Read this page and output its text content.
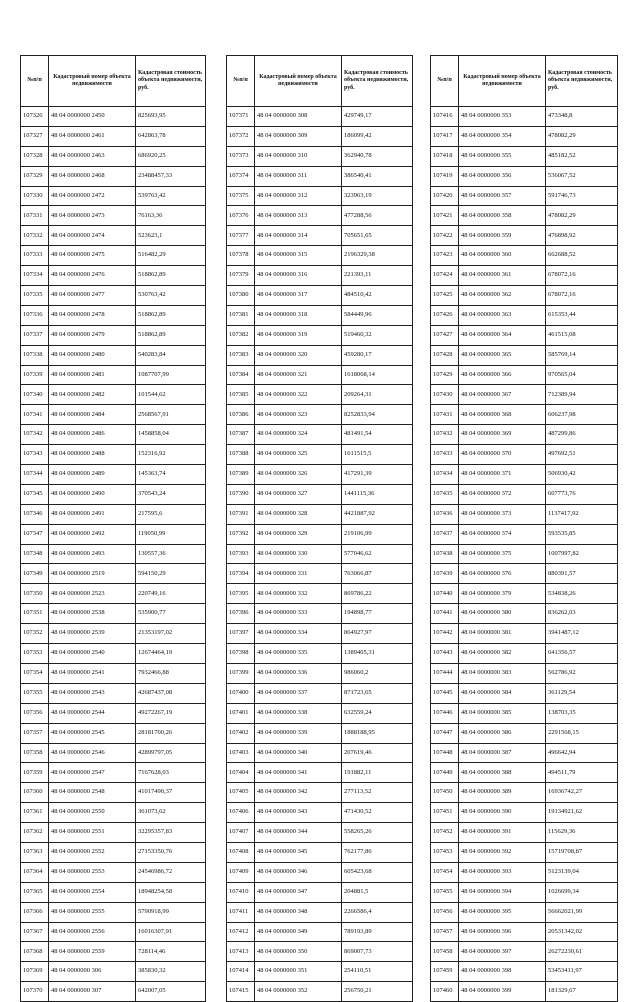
№п/п	Кадастровый номер объекта недвижимости	Кадастровая стоимость объекта недвижимости, руб.
107326	48 04 0000000 2450	825693,95
107327	48 04 0000000 2461	642863,78
107328	48 04 0000000 2463	686920,25
107329	48 04 0000000 2468	23488457,33
107330	48 04 0000000 2472	539763,42
107331	48 04 0000000 2473	76163,36
107332	48 04 0000000 2474	523623,1
107333	48 04 0000000 2475	516482,29
107334	48 04 0000000 2476	518862,89
107335	48 04 0000000 2477	530763,42
107336	48 04 0000000 2478	518862,89
107337	48 04 0000000 2479	518862,89
107338	48 04 0000000 2480	540283,84
107339	48 04 0000000 2481	1087707,99
107340	48 04 0000000 2482	101544,62
107341	48 04 0000000 2484	2568567,91
107342	48 04 0000000 2486	1458858,04
107343	48 04 0000000 2488	152316,92
107344	48 04 0000000 2489	145363,74
107345	48 04 0000000 2490	370543,24
107346	48 04 0000000 2491	217595,6
107347	48 04 0000000 2492	119050,99
107348	48 04 0000000 2493	130557,36
107349	48 04 0000000 2519	594150,29
107350	48 04 0000000 2523	220749,16
107351	48 04 0000000 2538	535900,77
107352	48 04 0000000 2539	21353197,02
107353	48 04 0000000 2540	12674464,19
107354	48 04 0000000 2541	7932466,88
107355	48 04 0000000 2543	42687437,08
107356	48 04 0000000 2544	49272267,19
107357	48 04 0000000 2545	28181700,26
107358	48 04 0000000 2546	42899797,05
107359	48 04 0000000 2547	7167628,03
107360	48 04 0000000 2548	41017490,37
107361	48 04 0000000 2550	361073,62
107362	48 04 0000000 2551	32295357,83
107363	48 04 0000000 2552	27153350,76
107364	48 04 0000000 2553	24546986,72
107365	48 04 0000000 2554	18948254,58
107366	48 04 0000000 2555	5790918,99
107367	48 04 0000000 2556	16016307,91
107368	48 04 0000000 2559	728114,46
107369	48 04 0000000 306	385830,32
107370	48 04 0000000 307	642007,05
№п/п	Кадастровый номер объекта недвижимости	Кадастровая стоимость объекта недвижимости, руб.
107371	48 04 0000000 308	429749,17
107372	48 04 0000000 309	186099,42
107373	48 04 0000000 310	362940,78
107374	48 04 0000000 311	386540,41
107375	48 04 0000000 312	323963,19
107376	48 04 0000000 313	477288,56
107377	48 04 0000000 314	705651,65
107378	48 04 0000000 315	2196329,38
107379	48 04 0000000 316	221393,11
107380	48 04 0000000 317	484510,42
107381	48 04 0000000 318	584449,96
107382	48 04 0000000 319	519460,32
107383	48 04 0000000 320	459280,17
107384	48 04 0000000 321	1618068,14
107385	48 04 0000000 322	209264,31
107386	48 04 0000000 323	8252833,94
107387	48 04 0000000 324	481491,54
107388	48 04 0000000 325	1611515,5
107389	48 04 0000000 326	417291,39
107390	48 04 0000000 327	1441115,36
107391	48 04 0000000 328	4421887,92
107392	48 04 0000000 329	219106,99
107393	48 04 0000000 330	577046,62
107394	48 04 0000000 331	763066,87
107395	48 04 0000000 332	869786,22
107396	48 04 0000000 333	194898,77
107397	48 04 0000000 334	864927,97
107398	48 04 0000000 335	1389405,31
107399	48 04 0000000 336	986060,2
107400	48 04 0000000 337	871723,65
107401	48 04 0000000 338	632559,24
107402	48 04 0000000 339	1888188,95
107403	48 04 0000000 340	207619,46
107404	48 04 0000000 341	191882,11
107405	48 04 0000000 342	277113,52
107406	48 04 0000000 343	471430,52
107407	48 04 0000000 344	558265,26
107408	48 04 0000000 345	762177,86
107409	48 04 0000000 346	605423,68
107410	48 04 0000000 347	204881,5
107411	48 04 0000000 348	2266586,4
107412	48 04 0000000 349	789193,89
107413	48 04 0000000 350	869007,73
107414	48 04 0000000 351	254110,51
107415	48 04 0000000 352	256750,21
№п/п	Кадастровый номер объекта недвижимости	Кадастровая стоимость объекта недвижимости, руб.
107416	48 04 0000000 353	473348,8
107417	48 04 0000000 354	478082,29
107418	48 04 0000000 355	485182,52
107419	48 04 0000000 356	536067,52
107420	48 04 0000000 357	591746,73
107421	48 04 0000000 358	478082,29
107422	48 04 0000000 359	476898,92
107423	48 04 0000000 360	662688,52
107424	48 04 0000000 361	678072,16
107425	48 04 0000000 362	678072,16
107426	48 04 0000000 363	615353,44
107427	48 04 0000000 364	461515,08
107428	48 04 0000000 365	585769,14
107429	48 04 0000000 366	970565,04
107430	48 04 0000000 367	712389,94
107431	48 04 0000000 368	606237,98
107432	48 04 0000000 369	487299,86
107433	48 04 0000000 370	497692,51
107434	48 04 0000000 371	506930,42
107435	48 04 0000000 372	607773,76
107436	48 04 0000000 373	1137417,92
107437	48 04 0000000 374	593535,85
107438	48 04 0000000 375	1007997,82
107439	48 04 0000000 376	880391,57
107440	48 04 0000000 379	534838,26
107441	48 04 0000000 380	836262,03
107442	48 04 0000000 381	3941487,12
107443	48 04 0000000 382	641356,57
107444	48 04 0000000 383	562786,92
107445	48 04 0000000 384	361129,54
107446	48 04 0000000 385	138703,35
107447	48 04 0000000 386	2291568,15
107448	48 04 0000000 387	496642,94
107449	48 04 0000000 388	494511,79
107450	48 04 0000000 389	16936742,27
107451	48 04 0000000 390	19134921,62
107452	48 04 0000000 391	115629,36
107453	48 04 0000000 392	15719708,87
107454	48 04 0000000 393	5123139,04
107455	48 04 0000000 394	1026699,34
107456	48 04 0000000 395	56662021,99
107457	48 04 0000000 396	20531342,02
107458	48 04 0000000 397	26272230,61
107459	48 04 0000000 398	53453411,97
107460	48 04 0000000 399	181329,67
